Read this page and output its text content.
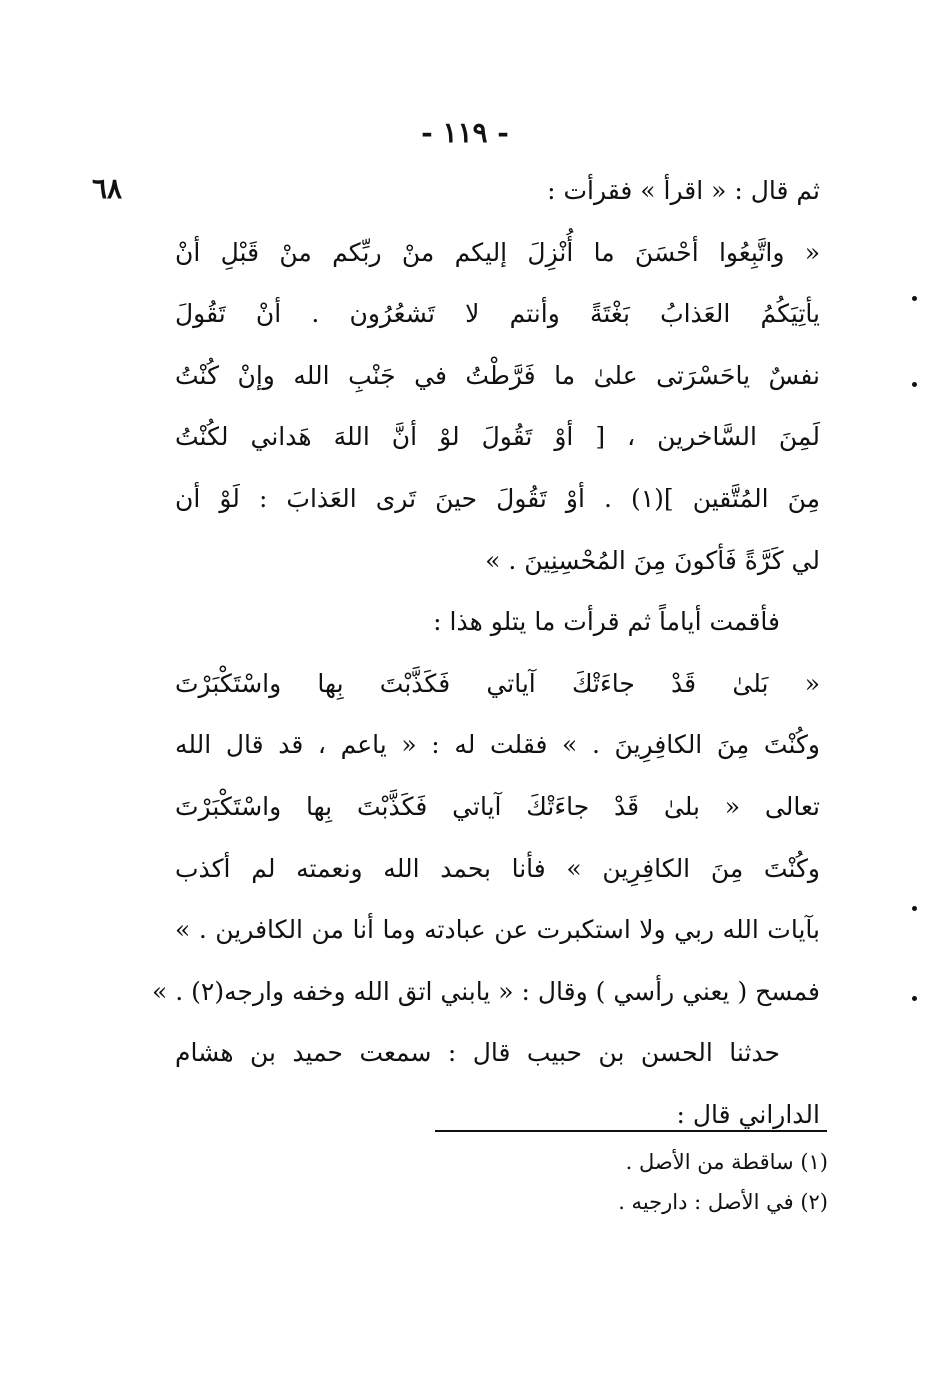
- ١١٩ -
٦٨	ثم قال : « اقرأ » فقرأت :
« واتَّبِعُوا أحْسَنَ ما أُنْزِلَ إليكم منْ ربِّكم منْ قَبْلِ أنْ
يأتِيَكُمُ العَذابُ بَغْتَةً وأنتم لا تَشعُرُون . أنْ تَقُولَ
نفسٌ ياحَسْرَتى علىٰ ما فَرَّطْتُ في جَنْبِ الله وإنْ كُنْتُ
لَمِنَ السَّاخرين ، [ أوْ تَقُولَ لوْ أنَّ اللهَ هَداني لكُنْتُ
مِنَ المُتَّقين ](١) . أوْ تَقُولَ حينَ تَرى العَذابَ : لَوْ أن
لي كَرَّةً فَأكونَ مِنَ المُحْسِنِينَ . »
فأقمت أياماً ثم قرأت ما يتلو هذا :
« بَلىٰ قَدْ جاءَتْكَ آياتي فَكَذَّبْتَ بِها واسْتَكْبَرْتَ
وكُنْتَ مِنَ الكافِرِينَ . » فقلت له : « ياعم ، قد قال الله
تعالى « بلىٰ قَدْ جاءَتْكَ آياتي فَكَذَّبْتَ بِها واسْتَكْبَرْتَ
وكُنْتَ مِنَ الكافِرِين » فأنا بحمد الله ونعمته لم أكذب
بآيات الله ربي ولا استكبرت عن عبادته وما أنا من الكافرين . »
فمسح ( يعني رأسي ) وقال : « يابني اتق الله وخفه وارجه(٢) . »
حدثنا الحسن بن حبيب قال : سمعت حميد بن هشام
الداراني قال :
(١) ساقطة من الأصل .
(٢) في الأصل : دارجيه .
